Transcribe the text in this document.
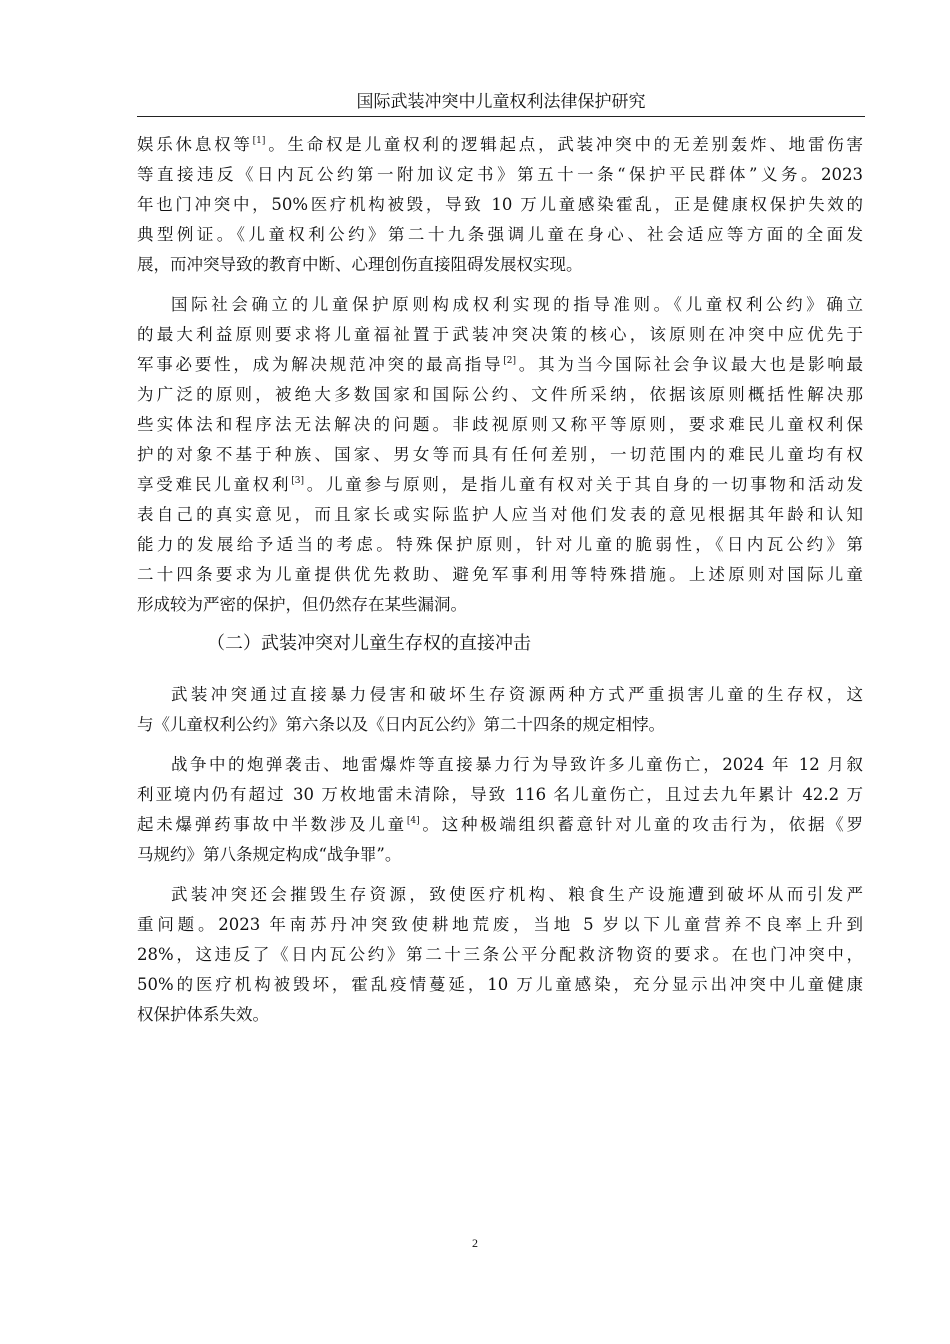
国际武装冲突中儿童权利法律保护研究
娱乐休息权等[1]。生命权是儿童权利的逻辑起点，武装冲突中的无差别轰炸、地雷伤害
等直接违反《日内瓦公约第一附加议定书》第五十一条“保护平民群体”义务。2023
年也门冲突中，50%医疗机构被毁，导致 10 万儿童感染霍乱，正是健康权保护失效的
典型例证。《儿童权利公约》第二十九条强调儿童在身心、社会适应等方面的全面发
展，而冲突导致的教育中断、心理创伤直接阻碍发展权实现。
国际社会确立的儿童保护原则构成权利实现的指导准则。《儿童权利公约》确立
的最大利益原则要求将儿童福祉置于武装冲突决策的核心，该原则在冲突中应优先于
军事必要性，成为解决规范冲突的最高指导[2]。其为当今国际社会争议最大也是影响最
为广泛的原则，被绝大多数国家和国际公约、文件所采纳，依据该原则概括性解决那
些实体法和程序法无法解决的问题。非歧视原则又称平等原则，要求难民儿童权利保
护的对象不基于种族、国家、男女等而具有任何差别，一切范围内的难民儿童均有权
享受难民儿童权利[3]。儿童参与原则，是指儿童有权对关于其自身的一切事物和活动发
表自己的真实意见，而且家长或实际监护人应当对他们发表的意见根据其年龄和认知
能力的发展给予适当的考虑。特殊保护原则，针对儿童的脆弱性，《日内瓦公约》第
二十四条要求为儿童提供优先救助、避免军事利用等特殊措施。上述原则对国际儿童
形成较为严密的保护，但仍然存在某些漏洞。
（二）武装冲突对儿童生存权的直接冲击
武装冲突通过直接暴力侵害和破坏生存资源两种方式严重损害儿童的生存权，这
与《儿童权利公约》第六条以及《日内瓦公约》第二十四条的规定相悖。
战争中的炮弹袭击、地雷爆炸等直接暴力行为导致许多儿童伤亡，2024 年 12 月叙
利亚境内仍有超过 30 万枚地雷未清除，导致 116 名儿童伤亡，且过去九年累计 42.2 万
起未爆弹药事故中半数涉及儿童[4]。这种极端组织蓄意针对儿童的攻击行为，依据《罗
马规约》第八条规定构成“战争罪”。
武装冲突还会摧毁生存资源，致使医疗机构、粮食生产设施遭到破坏从而引发严
重问题。2023 年南苏丹冲突致使耕地荒废，当地 5 岁以下儿童营养不良率上升到
28%，这违反了《日内瓦公约》第二十三条公平分配救济物资的要求。在也门冲突中，
50%的医疗机构被毁坏，霍乱疫情蔓延，10 万儿童感染，充分显示出冲突中儿童健康
权保护体系失效。
2
